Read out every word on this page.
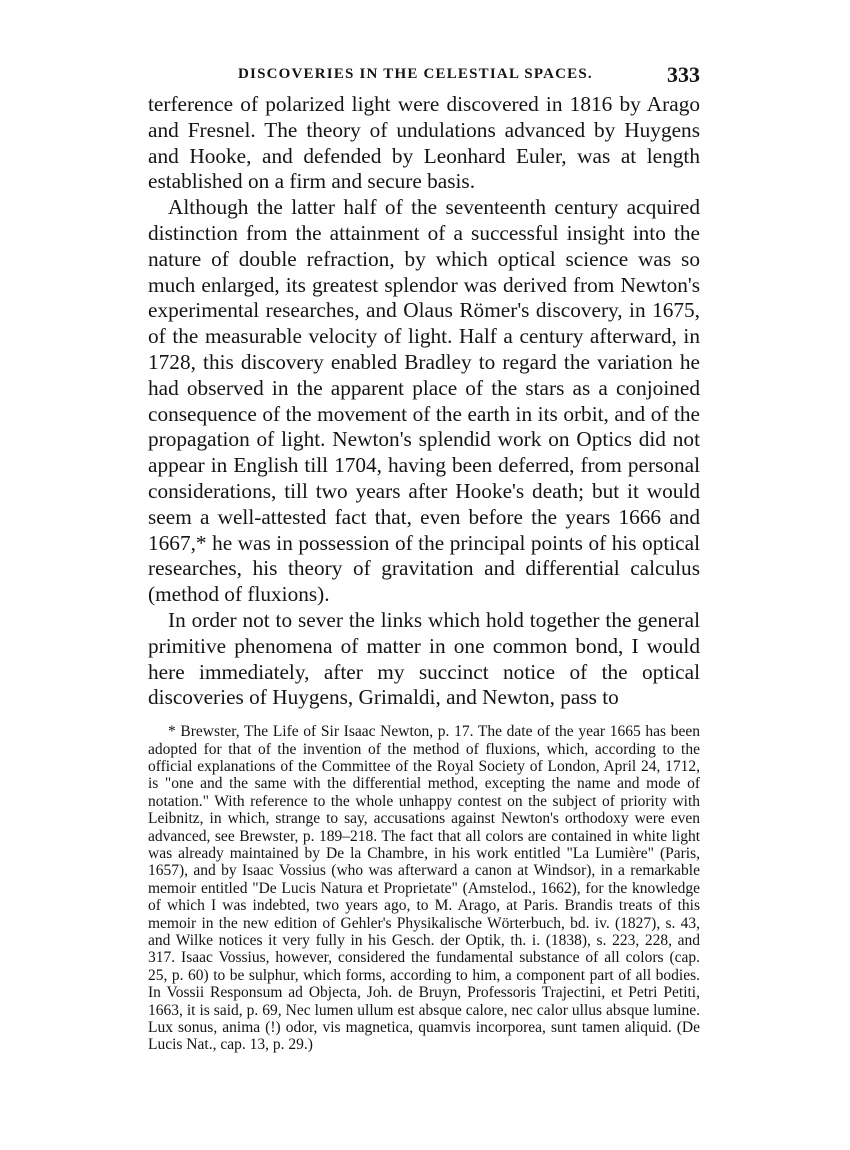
DISCOVERIES IN THE CELESTIAL SPACES.	333

terference of polarized light were discovered in 1816 by Arago and Fresnel. The theory of undulations advanced by Huygens and Hooke, and defended by Leonhard Euler, was at length established on a firm and secure basis.

Although the latter half of the seventeenth century acquired distinction from the attainment of a successful insight into the nature of double refraction, by which optical science was so much enlarged, its greatest splendor was derived from Newton's experimental researches, and Olaus Römer's discovery, in 1675, of the measurable velocity of light. Half a century afterward, in 1728, this discovery enabled Bradley to regard the variation he had observed in the apparent place of the stars as a conjoined consequence of the movement of the earth in its orbit, and of the propagation of light. Newton's splendid work on Optics did not appear in English till 1704, having been deferred, from personal considerations, till two years after Hooke's death; but it would seem a well-attested fact that, even before the years 1666 and 1667,* he was in possession of the principal points of his optical researches, his theory of gravitation and differential calculus (method of fluxions).

In order not to sever the links which hold together the general primitive phenomena of matter in one common bond, I would here immediately, after my succinct notice of the optical discoveries of Huygens, Grimaldi, and Newton, pass to

* Brewster, The Life of Sir Isaac Newton, p. 17. The date of the year 1665 has been adopted for that of the invention of the method of fluxions, which, according to the official explanations of the Committee of the Royal Society of London, April 24, 1712, is "one and the same with the differential method, excepting the name and mode of notation." With reference to the whole unhappy contest on the subject of priority with Leibnitz, in which, strange to say, accusations against Newton's orthodoxy were even advanced, see Brewster, p. 189–218. The fact that all colors are contained in white light was already maintained by De la Chambre, in his work entitled "La Lumière" (Paris, 1657), and by Isaac Vossius (who was afterward a canon at Windsor), in a remarkable memoir entitled "De Lucis Natura et Proprietate" (Amstelod., 1662), for the knowledge of which I was indebted, two years ago, to M. Arago, at Paris. Brandis treats of this memoir in the new edition of Gehler's Physikalische Wörterbuch, bd. iv. (1827), s. 43, and Wilke notices it very fully in his Gesch. der Optik, th. i. (1838), s. 223, 228, and 317. Isaac Vossius, however, considered the fundamental substance of all colors (cap. 25, p. 60) to be sulphur, which forms, according to him, a component part of all bodies. In Vossii Responsum ad Objecta, Joh. de Bruyn, Professoris Trajectini, et Petri Petiti, 1663, it is said, p. 69, Nec lumen ullum est absque calore, nec calor ullus absque lumine. Lux sonus, anima (!) odor, vis magnetica, quamvis incorporea, sunt tamen aliquid. (De Lucis Nat., cap. 13, p. 29.)
